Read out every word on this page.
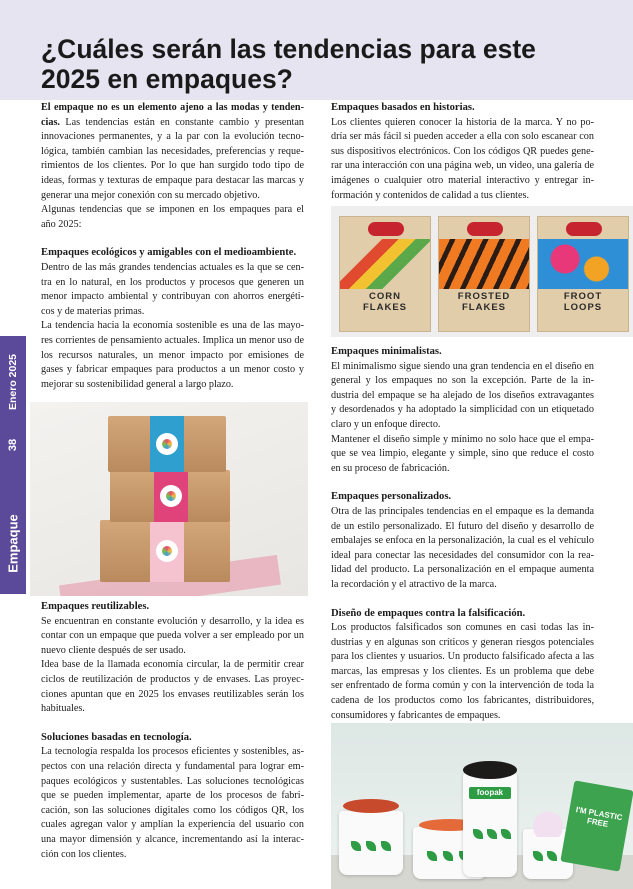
¿Cuáles serán las tendencias para este 2025 en empaques?
Enero 2025
38
Empaque

El empaque no es un elemento ajeno a las modas y tenden-cias. Las tendencias están en constante cambio y presentan innovaciones permanentes, y a la par con la evolución tecno-lógica, también cambian las necesidades, preferencias y reque-rimientos de los clientes. Por lo que han surgido todo tipo de ideas, formas y texturas de empaque para destacar las marcas y generar una mejor conexión con su mercado objetivo.

Algunas tendencias que se imponen en los empaques para el año 2025:

Empaques ecológicos y amigables con el medioambiente.

Dentro de las más grandes tendencias actuales es la que se cen-tra en lo natural, en los productos y procesos que generen un menor impacto ambiental y contribuyan con ahorros energéti-cos y de materias primas.

La tendencia hacia la economía sostenible es una de las mayo-res corrientes de pensamiento actuales. Implica un menor uso de los recursos naturales, un menor impacto por emisiones de gases y fabricar empaques para productos a un menor costo y mejorar su sostenibilidad general a largo plazo.

Empaques reutilizables.

Se encuentran en constante evolución y desarrollo, y la idea es contar con un empaque que pueda volver a ser empleado por un nuevo cliente después de ser usado.

Idea base de la llamada economía circular, la de permitir crear ciclos de reutilización de productos y de envases. Las proyec-ciones apuntan que en 2025 los envases reutilizables serán los habituales.

Soluciones basadas en tecnología.

La tecnología respalda los procesos eficientes y sostenibles, as-pectos con una relación directa y fundamental para lograr em-paques ecológicos y sustentables. Las soluciones tecnológicas que se pueden implementar, aparte de los procesos de fabri-cación, son las soluciones digitales como los códigos QR, los cuales agregan valor y amplían la experiencia del usuario con una mayor dimensión y alcance, incrementando así la interac-ción con los clientes.

Empaques basados en historias.

Los clientes quieren conocer la historia de la marca. Y no po-dría ser más fácil si pueden acceder a ella con solo escanear con sus dispositivos electrónicos. Con los códigos QR puedes gene-rar una interacción con una página web, un video, una galería de imágenes o cualquier otro material interactivo y entregar in-formación y contenidos de calidad a tus clientes.

CORN
FLAKES
FROSTED
FLAKES
FROOT
LOOPS
Empaques minimalistas.

El minimalismo sigue siendo una gran tendencia en el diseño en general y los empaques no son la excepción. Parte de la in-dustria del empaque se ha alejado de los diseños extravagantes y desordenados y ha adoptado la simplicidad con un etiquetado claro y un enfoque directo.

Mantener el diseño simple y mínimo no solo hace que el empa-que se vea limpio, elegante y simple, sino que reduce el costo en su proceso de fabricación.

Empaques personalizados.

Otra de las principales tendencias en el empaque es la demanda de un estilo personalizado. El futuro del diseño y desarrollo de embalajes se enfoca en la personalización, la cual es el vehículo ideal para conectar las necesidades del consumidor con la rea-lidad del producto. La personalización en el empaque aumenta la recordación y el atractivo de la marca.

Diseño de empaques contra la falsificación.

Los productos falsificados son comunes en casi todas las in-dustrias y en algunas son críticos y generan riesgos potenciales para los clientes y usuarios. Un producto falsificado afecta a las marcas, las empresas y los clientes. Es un problema que debe ser enfrentado de forma común y con la intervención de toda la cadena de los productos como los fabricantes, distribuidores, consumidores y fabricantes de empaques.

foopak
I'M PLASTIC FREE
